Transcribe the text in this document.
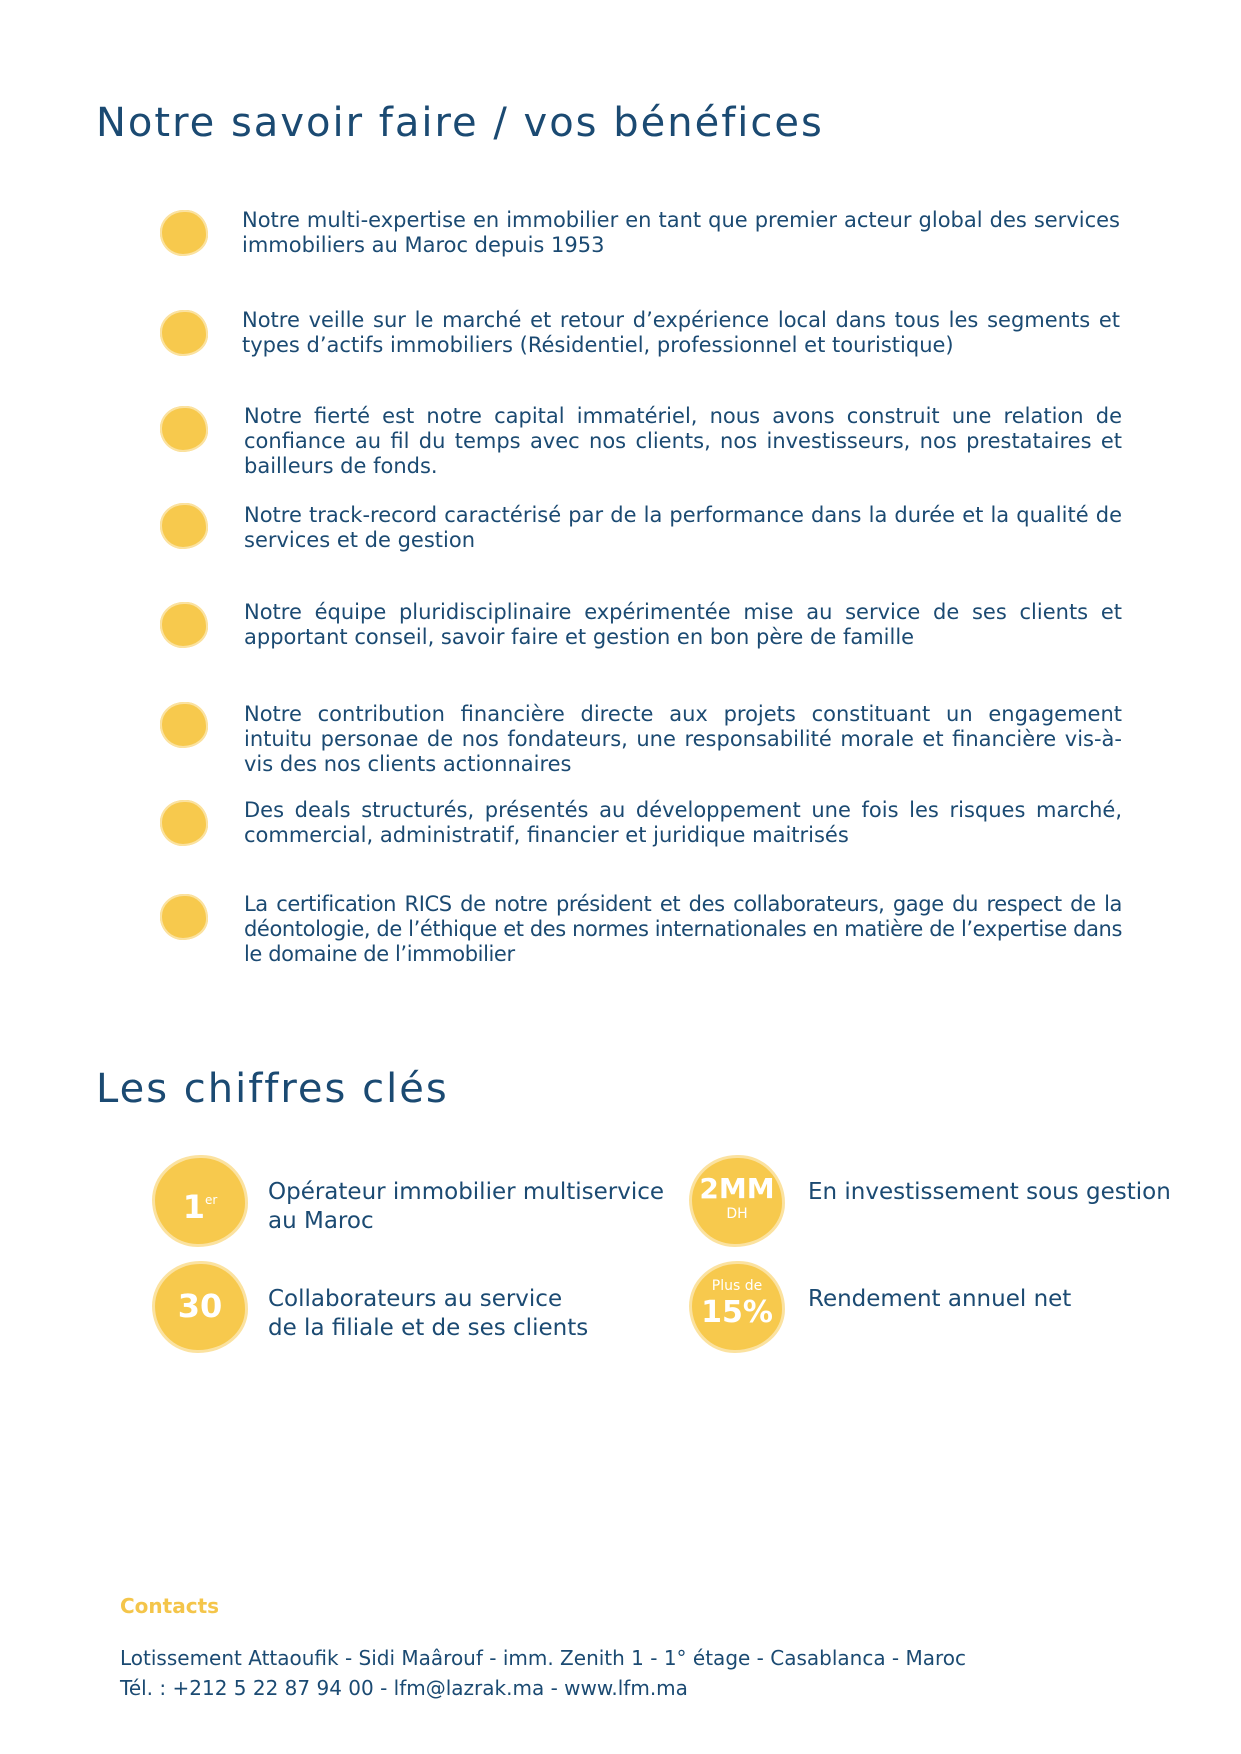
Notre savoir faire / vos bénéfices
Notre multi-expertise en immobilier en tant que premier acteur global des services immobiliers au Maroc depuis 1953
Notre veille sur le marché et retour d’expérience local dans tous les segments et types d’actifs immobiliers (Résidentiel, professionnel et touristique)
Notre fierté est notre capital immatériel, nous avons construit une relation de confiance au fil du temps avec nos clients, nos investisseurs, nos prestataires et bailleurs de fonds.
Notre track-record caractérisé par de la performance dans la durée et la qualité de services et de gestion
Notre équipe pluridisciplinaire expérimentée mise au service de ses clients et apportant conseil, savoir faire et gestion en bon père de famille
Notre contribution financière directe aux projets constituant un engagement intuitu personae de nos fondateurs, une responsabilité morale et financière vis-à-vis des nos clients actionnaires
Des deals structurés, présentés au développement une fois les risques marché, commercial, administratif, financier et juridique maitrisés
La certification RICS de notre président et des collaborateurs, gage du respect de la déontologie, de l’éthique et des normes internationales en matière de l’expertise dans le domaine de l’immobilier
Les chiffres clés
1er	Opérateur immobilier multiservice
au Maroc
2MM
DH
En investissement sous gestion
30	Collaborateurs au service
de la filiale et de ses clients
Plus de
15%	Rendement annuel net
Contacts
Lotissement Attaoufik - Sidi Maârouf - imm. Zenith 1 - 1° étage - Casablanca - Maroc
Tél. : +212 5 22 87 94 00 - lfm@lazrak.ma - www.lfm.ma
